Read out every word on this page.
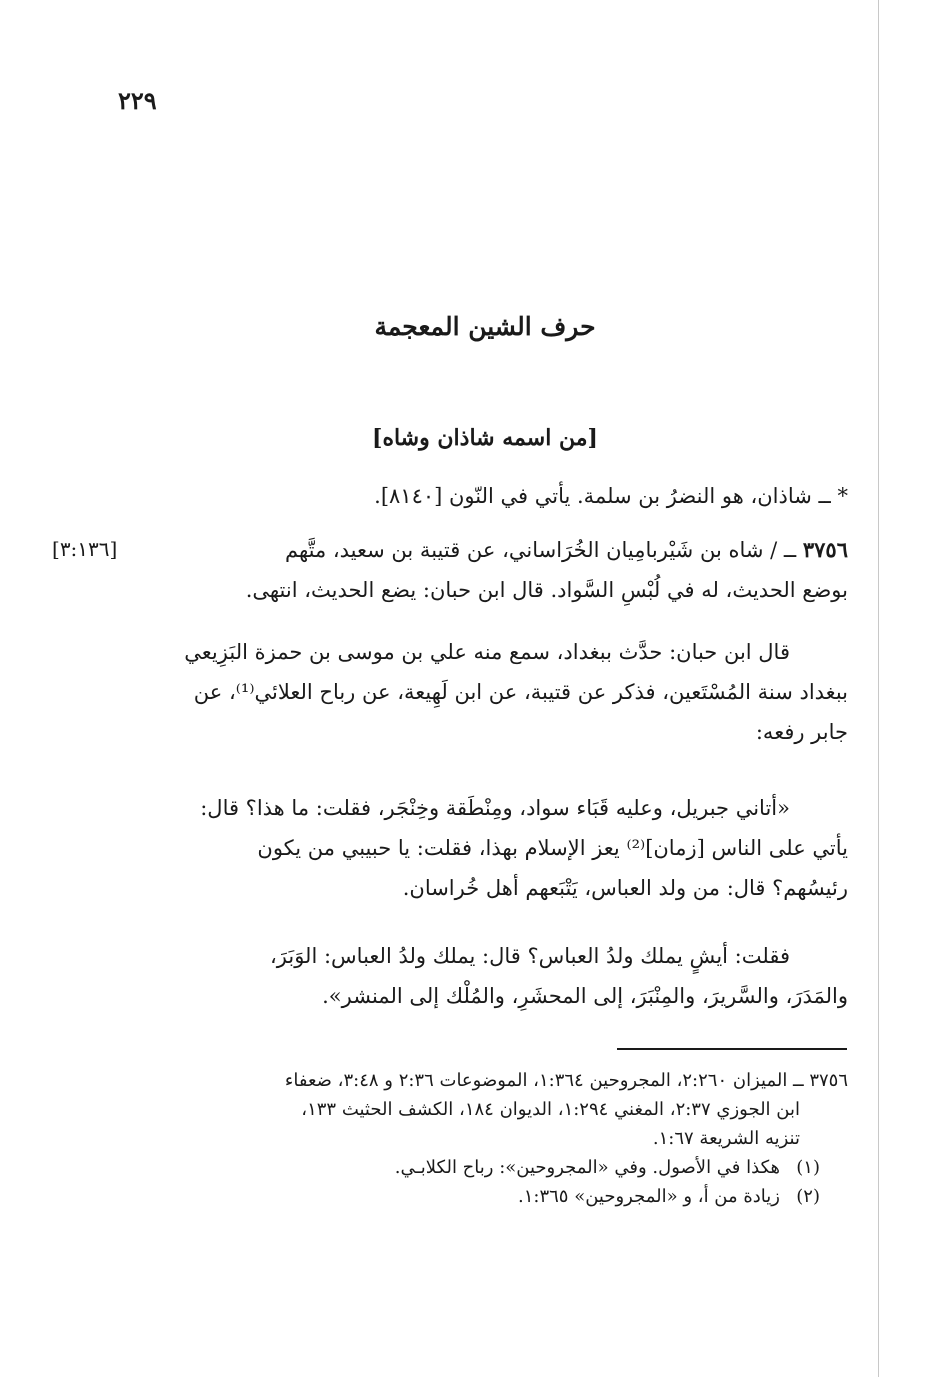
٢٢٩
حرف الشين المعجمة
[من اسمه شاذان وشاه]
* ــ شاذان، هو النضرُ بن سلمة. يأتي في النّون [٨١٤٠].
[٣:١٣٦]	٣٧٥٦ ــ / شاه بن شَيْربامِيان الخُرَاساني، عن قتيبة بن سعيد، متَّهم
بوضع الحديث، له في لُبْسِ السَّواد. قال ابن حبان: يضع الحديث، انتهى.
قال ابن حبان: حدَّث ببغداد، سمع منه علي بن موسى بن حمزة البَزِيعي
ببغداد سنة المُسْتَعين، فذكر عن قتيبة، عن ابن لَهِيعة، عن رباح العلائي⁽¹⁾، عن
جابر رفعه:
«أتاني جبريل، وعليه قَبَاء سواد، ومِنْطَقة وخِنْجَر، فقلت: ما هذا؟ قال:
يأتي على الناس [زمان]⁽²⁾ يعز الإسلام بهذا، فقلت: يا حبيبي من يكون
رئيسُهم؟ قال: من ولد العباس، يَتْبَعهم أهل خُراسان.
فقلت: أيشٍ يملك ولدُ العباس؟ قال: يملك ولدُ العباس: الوَبَرَ،
والمَدَرَ، والسَّريرَ، والمِنْبَرَ، إلى المحشَرِ، والمُلْك إلى المنشر».
٣٧٥٦ ــ الميزان ٢:٢٦٠، المجروحين ١:٣٦٤، الموضوعات ٢:٣٦ و ٣:٤٨، ضعفاء
ابن الجوزي ٢:٣٧، المغني ١:٢٩٤، الديوان ١٨٤، الكشف الحثيث ١٣٣،
تنزيه الشريعة ١:٦٧.
(١)هكذا في الأصول. وفي «المجروحين»: رباح الكلابـي.
(٢)زيادة من أ، و «المجروحين» ١:٣٦٥.
